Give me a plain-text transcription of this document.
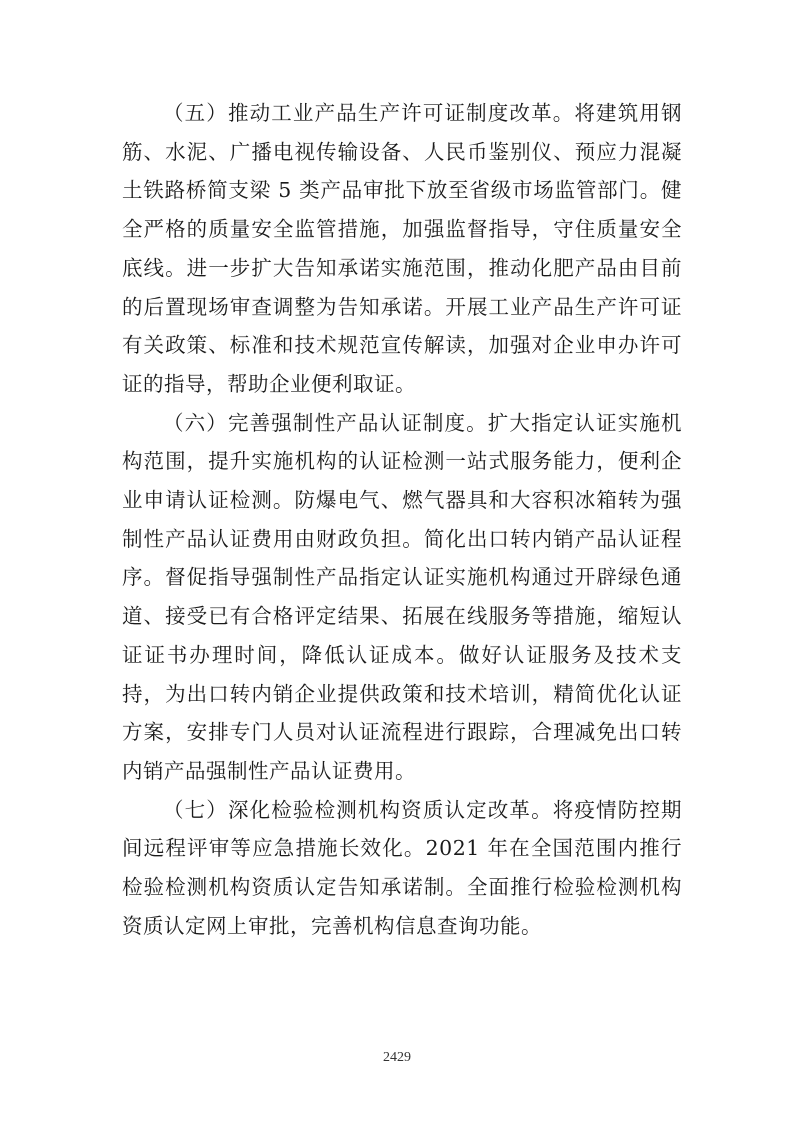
（五）推动工业产品生产许可证制度改革。将建筑用钢筋、水泥、广播电视传输设备、人民币鉴别仪、预应力混凝土铁路桥简支梁 5 类产品审批下放至省级市场监管部门。健全严格的质量安全监管措施，加强监督指导，守住质量安全底线。进一步扩大告知承诺实施范围，推动化肥产品由目前的后置现场审查调整为告知承诺。开展工业产品生产许可证有关政策、标准和技术规范宣传解读，加强对企业申办许可证的指导，帮助企业便利取证。

（六）完善强制性产品认证制度。扩大指定认证实施机构范围，提升实施机构的认证检测一站式服务能力，便利企业申请认证检测。防爆电气、燃气器具和大容积冰箱转为强制性产品认证费用由财政负担。简化出口转内销产品认证程序。督促指导强制性产品指定认证实施机构通过开辟绿色通道、接受已有合格评定结果、拓展在线服务等措施，缩短认证证书办理时间，降低认证成本。做好认证服务及技术支持，为出口转内销企业提供政策和技术培训，精简优化认证方案，安排专门人员对认证流程进行跟踪，合理减免出口转内销产品强制性产品认证费用。

（七）深化检验检测机构资质认定改革。将疫情防控期间远程评审等应急措施长效化。2021 年在全国范围内推行检验检测机构资质认定告知承诺制。全面推行检验检测机构资质认定网上审批，完善机构信息查询功能。

2429
